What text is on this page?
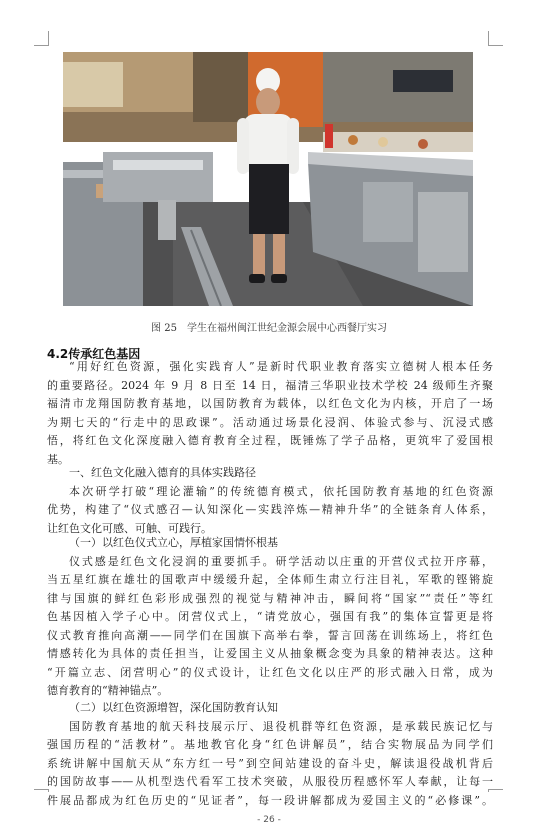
图 25　学生在福州闽江世纪金源会展中心西餐厅实习
4.2传承红色基因
“用好红色资源，强化实践育人”是新时代职业教育落实立德树人根本任务
的重要路径。2024 年 9 月 8 日至 14 日，福清三华职业技术学校 24 级师生齐聚
福清市龙翔国防教育基地，以国防教育为载体，以红色文化为内核，开启了一场
为期七天的“行走中的思政课”。活动通过场景化浸润、体验式参与、沉浸式感
悟，将红色文化深度融入德育教育全过程，既锤炼了学子品格，更筑牢了爱国根
基。
一、红色文化融入德育的具体实践路径
本次研学打破“理论灌输”的传统德育模式，依托国防教育基地的红色资源
优势，构建了“仪式感召—认知深化—实践淬炼—精神升华”的全链条育人体系，
让红色文化可感、可触、可践行。
（一）以红色仪式立心，厚植家国情怀根基
仪式感是红色文化浸润的重要抓手。研学活动以庄重的开营仪式拉开序幕，
当五星红旗在雄壮的国歌声中缓缓升起，全体师生肃立行注目礼，军歌的铿锵旋
律与国旗的鲜红色彩形成强烈的视觉与精神冲击，瞬间将“国家”“责任”等红
色基因植入学子心中。闭营仪式上，“请党放心，强国有我”的集体宣誓更是将
仪式教育推向高潮——同学们在国旗下高举右拳，誓言回荡在训练场上，将红色
情感转化为具体的责任担当，让爱国主义从抽象概念变为具象的精神表达。这种
“开篇立志、闭营明心”的仪式设计，让红色文化以庄严的形式融入日常，成为
德育教育的“精神锚点”。
（二）以红色资源增智，深化国防教育认知
国防教育基地的航天科技展示厅、退役机群等红色资源，是承载民族记忆与
强国历程的“活教材”。基地教官化身“红色讲解员”，结合实物展品为同学们
系统讲解中国航天从“东方红一号”到空间站建设的奋斗史，解读退役战机背后
的国防故事——从机型迭代看军工技术突破，从服役历程感怀军人奉献，让每一
件展品都成为红色历史的“见证者”，每一段讲解都成为爱国主义的“必修课”。
- 26 -
